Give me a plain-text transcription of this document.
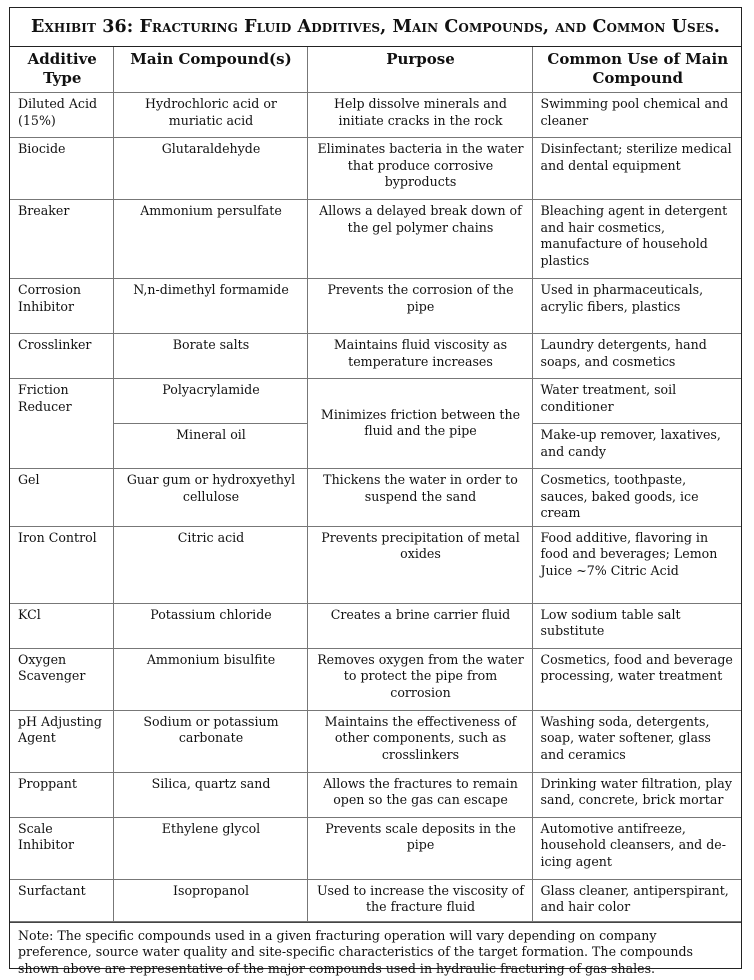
Exhibit 36: Fracturing Fluid Additives, Main Compounds, and Common Uses.
Additive Type	Main Compound(s)	Purpose	Common Use of Main Compound
Diluted Acid (15%)	Hydrochloric acid or muriatic acid	Help dissolve minerals and initiate cracks in the rock	Swimming pool chemical and cleaner
Biocide	Glutaraldehyde	Eliminates bacteria in the water that produce corrosive byproducts	Disinfectant; sterilize medical and dental equipment
Breaker	Ammonium persulfate	Allows a delayed break down of the gel polymer chains	Bleaching agent in detergent and hair cosmetics, manufacture of household plastics
Corrosion Inhibitor	N,n-dimethyl formamide	Prevents the corrosion of the pipe	Used in pharmaceuticals, acrylic fibers, plastics
Crosslinker	Borate salts	Maintains fluid viscosity as temperature increases	Laundry detergents, hand soaps, and cosmetics
Friction Reducer	Polyacrylamide	Minimizes friction between the fluid and the pipe	Water treatment, soil conditioner
	Mineral oil		Make-up remover, laxatives, and candy
Gel	Guar gum or hydroxyethyl cellulose	Thickens the water in order to suspend the sand	Cosmetics, toothpaste, sauces, baked goods, ice cream
Iron Control	Citric acid	Prevents precipitation of metal oxides	Food additive, flavoring in food and beverages; Lemon Juice ~7% Citric Acid
KCl	Potassium chloride	Creates a brine carrier fluid	Low sodium table salt substitute
Oxygen Scavenger	Ammonium bisulfite	Removes oxygen from the water to protect the pipe from corrosion	Cosmetics, food and beverage processing, water treatment
pH Adjusting Agent	Sodium or potassium carbonate	Maintains the effectiveness of other components, such as crosslinkers	Washing soda, detergents, soap, water softener, glass and ceramics
Proppant	Silica, quartz sand	Allows the fractures to remain open so the gas can escape	Drinking water filtration, play sand, concrete, brick mortar
Scale Inhibitor	Ethylene glycol	Prevents scale deposits in the pipe	Automotive antifreeze, household cleansers, and de-icing agent
Surfactant	Isopropanol	Used to increase the viscosity of the fracture fluid	Glass cleaner, antiperspirant, and hair color
Note: The specific compounds used in a given fracturing operation will vary depending on company preference, source water quality and site-specific characteristics of the target formation. The compounds shown above are representative of the major compounds used in hydraulic fracturing of gas shales.
